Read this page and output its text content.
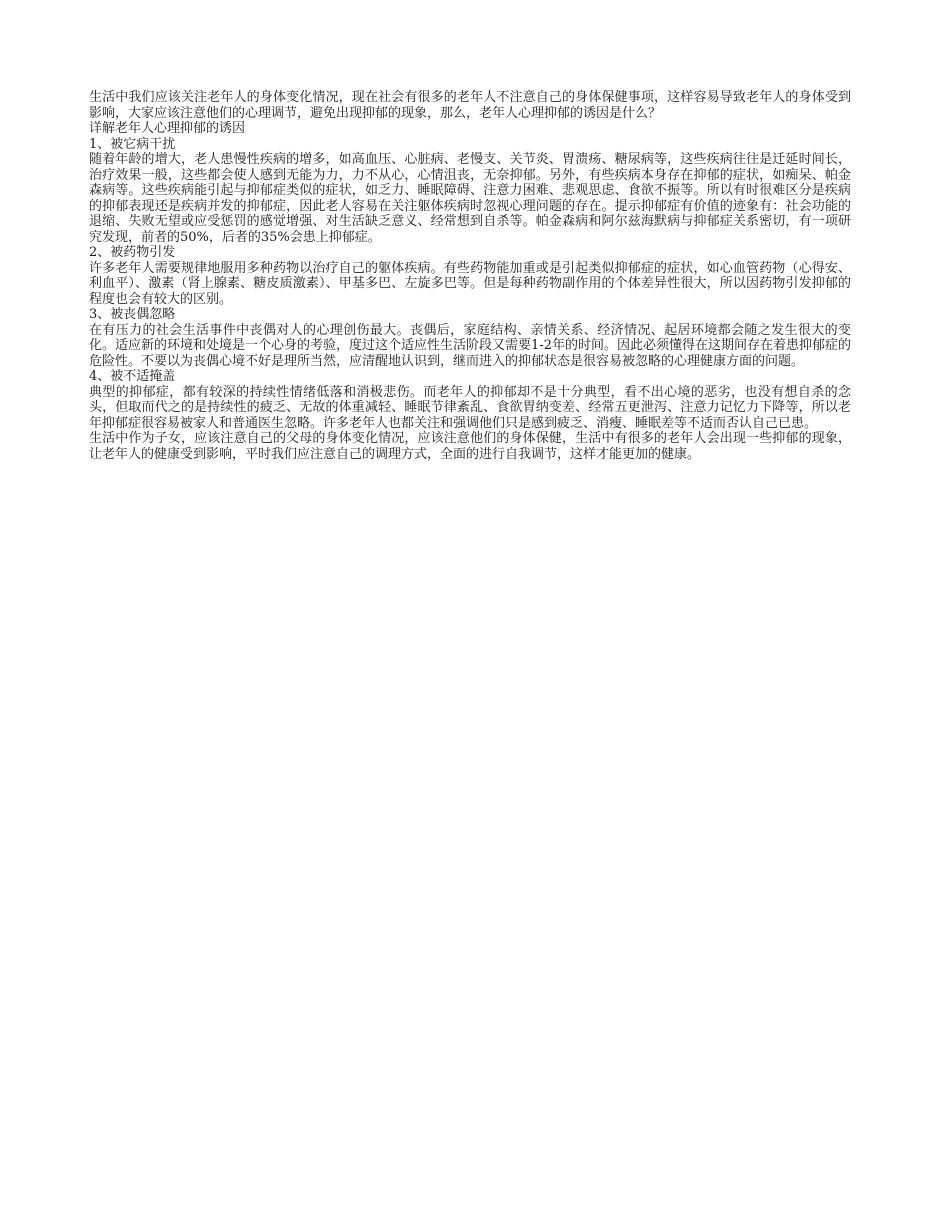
生活中我们应该关注老年人的身体变化情况，现在社会有很多的老年人不注意自己的身体保健事项，这样容易导致老年人的身体受到影响，大家应该注意他们的心理调节，避免出现抑郁的现象，那么，老年人心理抑郁的诱因是什么？

详解老年人心理抑郁的诱因

1、被它病干扰

随着年龄的增大，老人患慢性疾病的增多，如高血压、心脏病、老慢支、关节炎、胃溃疡、糖尿病等，这些疾病往往是迁延时间长，治疗效果一般，这些都会使人感到无能为力，力不从心，心情沮丧，无奈抑郁。另外，有些疾病本身存在抑郁的症状，如痴呆、帕金森病等。这些疾病能引起与抑郁症类似的症状，如乏力、睡眠障碍、注意力困难、悲观思虑、食欲不振等。所以有时很难区分是疾病的抑郁表现还是疾病并发的抑郁症，因此老人容易在关注躯体疾病时忽视心理问题的存在。提示抑郁症有价值的迹象有：社会功能的退缩、失败无望或应受惩罚的感觉增强、对生活缺乏意义、经常想到自杀等。帕金森病和阿尔兹海默病与抑郁症关系密切，有一项研究发现，前者的50%，后者的35%会患上抑郁症。

2、被药物引发

许多老年人需要规律地服用多种药物以治疗自己的躯体疾病。有些药物能加重或是引起类似抑郁症的症状，如心血管药物（心得安、利血平）、激素（肾上腺素、糖皮质激素）、甲基多巴、左旋多巴等。但是每种药物副作用的个体差异性很大，所以因药物引发抑郁的程度也会有较大的区别。

3、被丧偶忽略

在有压力的社会生活事件中丧偶对人的心理创伤最大。丧偶后，家庭结构、亲情关系、经济情况、起居环境都会随之发生很大的变化。适应新的环境和处境是一个心身的考验，度过这个适应性生活阶段又需要1-2年的时间。因此必须懂得在这期间存在着患抑郁症的危险性。不要以为丧偶心境不好是理所当然，应清醒地认识到，继而进入的抑郁状态是很容易被忽略的心理健康方面的问题。

4、被不适掩盖

典型的抑郁症，都有较深的持续性情绪低落和消极悲伤。而老年人的抑郁却不是十分典型，看不出心境的恶劣，也没有想自杀的念头，但取而代之的是持续性的疲乏、无故的体重减轻、睡眠节律紊乱、食欲胃纳变差、经常五更泄泻、注意力记忆力下降等，所以老年抑郁症很容易被家人和普通医生忽略。许多老年人也都关注和强调他们只是感到疲乏、消瘦、睡眠差等不适而否认自己已患。

生活中作为子女，应该注意自己的父母的身体变化情况，应该注意他们的身体保健，生活中有很多的老年人会出现一些抑郁的现象，让老年人的健康受到影响，平时我们应注意自己的调理方式，全面的进行自我调节，这样才能更加的健康。
